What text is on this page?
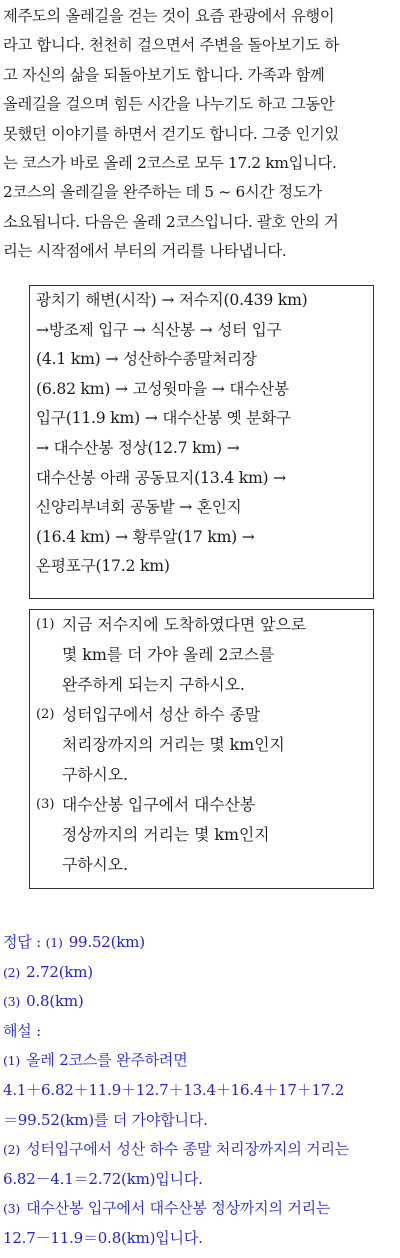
제주도의 올레길을 걷는 것이 요즘 관광에서 유행이
라고 합니다. 천천히 걸으면서 주변을 돌아보기도 하
고 자신의 삶을 되돌아보기도 합니다. 가족과 함께
올레길을 걸으며 힘든 시간을 나누기도 하고 그동안
못했던 이야기를 하면서 걷기도 합니다. 그중 인기있
는 코스가 바로 올레 2코스로 모두 17.2 km입니다.
2코스의 올레길을 완주하는 데 5 ~ 6시간 정도가
소요됩니다. 다음은 올레 2코스입니다. 괄호 안의 거
리는 시작점에서 부터의 거리를 나타냅니다.
광치기 해변(시작) → 저수지(0.439 km)
→방조제 입구 → 식산봉 → 성터 입구
(4.1 km) → 성산하수종말처리장
(6.82 km) → 고성윗마을 → 대수산봉
입구(11.9 km) → 대수산봉 옛 분화구
→ 대수산봉 정상(12.7 km) →
대수산봉 아래 공동묘지(13.4 km) →
신양리부녀회 공동밭 → 혼인지
(16.4 km) → 황루알(17 km) →
온평포구(17.2 km)
(1) 지금 저수지에 도착하였다면 앞으로
몇 km를 더 가야 올레 2코스를
완주하게 되는지 구하시오.
(2) 성터입구에서 성산 하수 종말
처리장까지의 거리는 몇 km인지
구하시오.
(3) 대수산봉 입구에서 대수산봉
정상까지의 거리는 몇 km인지
구하시오.
정답 : (1) 99.52(km)
(2) 2.72(km)
(3) 0.8(km)
해설 :
(1) 올레 2코스를 완주하려면
4.1＋6.82＋11.9＋12.7＋13.4＋16.4＋17＋17.2
＝99.52(km)를 더 가야합니다.
(2) 성터입구에서 성산 하수 종말 처리장까지의 거리는
6.82－4.1＝2.72(km)입니다.
(3) 대수산봉 입구에서 대수산봉 정상까지의 거리는
12.7－11.9＝0.8(km)입니다.
